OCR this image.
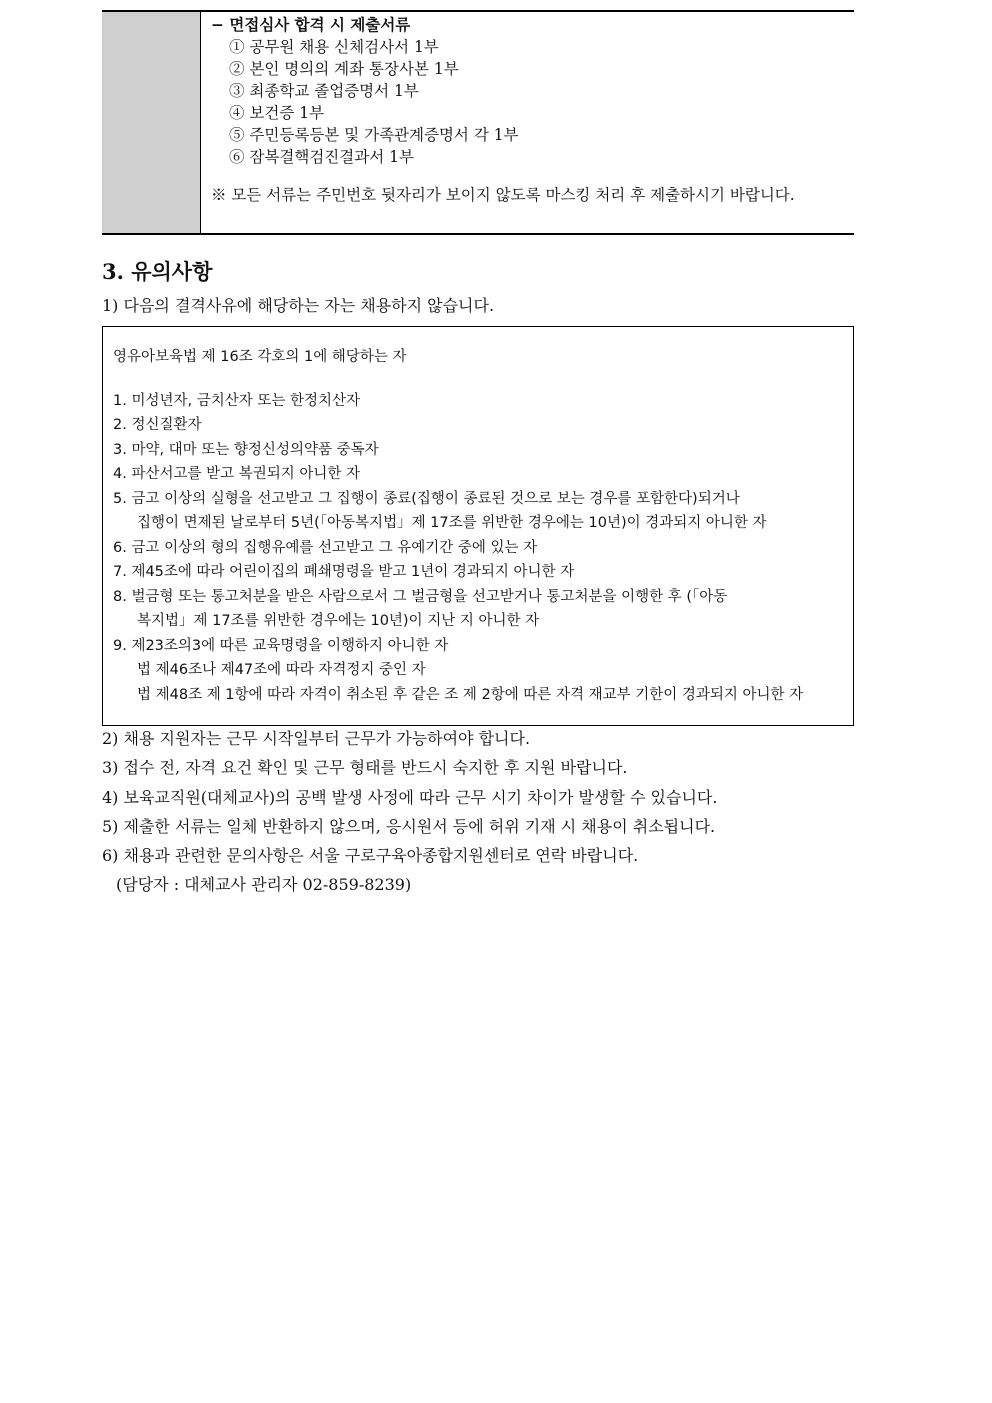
− 면접심사 합격 시 제출서류
① 공무원 채용 신체검사서 1부
② 본인 명의의 계좌 통장사본 1부
③ 최종학교 졸업증명서 1부
④ 보건증 1부
⑤ 주민등록등본 및 가족관계증명서 각 1부
⑥ 잠복결핵검진결과서 1부
※ 모든 서류는 주민번호 뒷자리가 보이지 않도록 마스킹 처리 후 제출하시기 바랍니다.
3. 유의사항
1) 다음의 결격사유에 해당하는 자는 채용하지 않습니다.
영유아보육법 제 16조 각호의 1에 해당하는 자
1. 미성년자, 금치산자 또는 한정치산자
2. 정신질환자
3. 마약, 대마 또는 향정신성의약품 중독자
4. 파산서고를 받고 복권되지 아니한 자
5. 금고 이상의 실형을 선고받고 그 집행이 종료(집행이 종료된 것으로 보는 경우를 포함한다)되거나
집행이 면제된 날로부터 5년(「아동복지법」제 17조를 위반한 경우에는 10년)이 경과되지 아니한 자
6. 금고 이상의 형의 집행유예를 선고받고 그 유예기간 중에 있는 자
7. 제45조에 따라 어린이집의 폐쇄명령을 받고 1년이 경과되지 아니한 자
8. 벌금형 또는 통고처분을 받은 사람으로서 그 벌금형을 선고받거나 통고처분을 이행한 후 (「아동
복지법」제 17조를 위반한 경우에는 10년)이 지난 지 아니한 자
9. 제23조의3에 따른 교육명령을 이행하지 아니한 자
법 제46조나 제47조에 따라 자격정지 중인 자
법 제48조 제 1항에 따라 자격이 취소된 후 같은 조 제 2항에 따른 자격 재교부 기한이 경과되지 아니한 자
2) 채용 지원자는 근무 시작일부터 근무가 가능하여야 합니다.
3) 접수 전, 자격 요건 확인 및 근무 형태를 반드시 숙지한 후 지원 바랍니다.
4) 보육교직원(대체교사)의 공백 발생 사정에 따라 근무 시기 차이가 발생할 수 있습니다.
5) 제출한 서류는 일체 반환하지 않으며, 응시원서 등에 허위 기재 시 채용이 취소됩니다.
6) 채용과 관련한 문의사항은 서울 구로구육아종합지원센터로 연락 바랍니다.
(담당자 : 대체교사 관리자 02-859-8239)
